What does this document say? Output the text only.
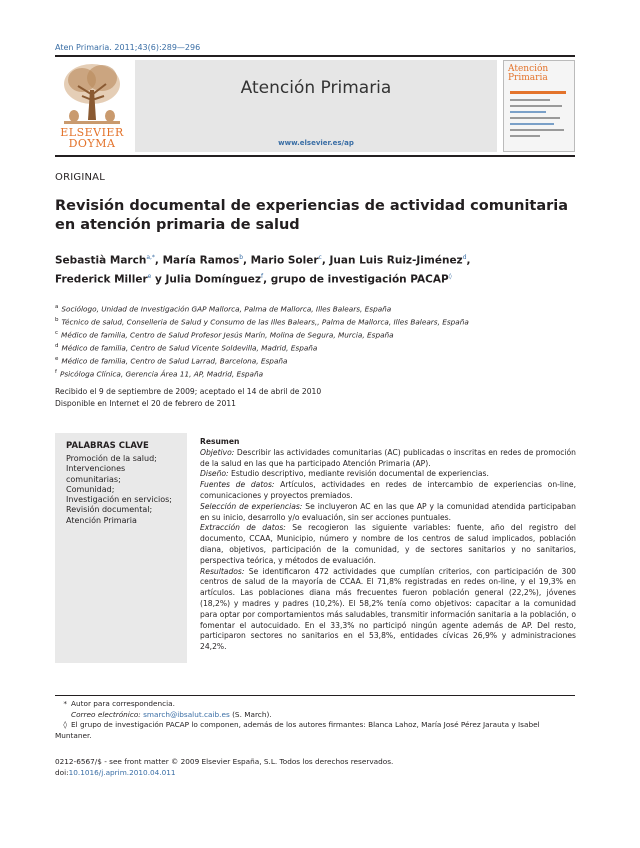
Aten Primaria. 2011;43(6):289—296
ELSEVIER
DOYMA
Atención Primaria
www.elsevier.es/ap
Atención
Primaria
ORIGINAL
Revisión documental de experiencias de actividad comunitaria en atención primaria de salud
Sebastià March$^{a,*}$, María Ramos$^b$, Mario Soler$^c$, Juan Luis Ruiz-Jiménez$^d$,
Frederick Miller$^e$ y Julia Domínguez$^f$, grupo de investigación PACAP◊
$^a$ Sociólogo, Unidad de Investigación GAP Mallorca, Palma de Mallorca, Illes Balears, España
$^b$ Técnico de salud, Conselleria de Salud y Consumo de las Illes Balears,, Palma de Mallorca, Illes Balears, España
$^c$ Médico de familia, Centro de Salud Profesor Jesús Marín, Molina de Segura, Murcia, España
$^d$ Médico de familia, Centro de Salud Vicente Soldevilla, Madrid, España
$^e$ Médico de familia, Centro de Salud Larrad, Barcelona, España
$^f$ Psicóloga Clínica, Gerencia Área 11, AP, Madrid, España
Recibido el 9 de septiembre de 2009; aceptado el 14 de abril de 2010
Disponible en Internet el 20 de febrero de 2011
PALABRAS CLAVE
Promoción de la salud;
Intervenciones comunitarias;
Comunidad;
Investigación en servicios;
Revisión documental;
Atención Primaria
Resumen
Objetivo: Describir las actividades comunitarias (AC) publicadas o inscritas en redes de promoción de la salud en las que ha participado Atención Primaria (AP).
Diseño: Estudio descriptivo, mediante revisión documental de experiencias.
Fuentes de datos: Artículos, actividades en redes de intercambio de experiencias on-line, comunicaciones y proyectos premiados.
Selección de experiencias: Se incluyeron AC en las que AP y la comunidad atendida participaban en su inicio, desarrollo y/o evaluación, sin ser acciones puntuales.
Extracción de datos: Se recogieron las siguiente variables: fuente, año del registro del documento, CCAA, Municipio, número y nombre de los centros de salud implicados, población diana, objetivos, participación de la comunidad, y de sectores sanitarios y no sanitarios, perspectiva teórica, y métodos de evaluación.
Resultados: Se identificaron 472 actividades que cumplían criterios, con participación de 300 centros de salud de la mayoría de CCAA. El 71,8% registradas en redes on-line, y el 19,3% en artículos. Las poblaciones diana más frecuentes fueron población general (22,2%), jóvenes (18,2%) y madres y padres (10,2%). El 58,2% tenía como objetivos: capacitar a la comunidad para optar por comportamientos más saludables, transmitir información sanitaria a la población, o fomentar el autocuidado. En el 33,3% no participó ningún agente además de AP. Del resto, participaron sectores no sanitarios en el 53,8%, entidades cívicas 26,9% y administraciones 24,2%.
* Autor para correspondencia.
Correo electrónico: smarch@ibsalut.caib.es (S. March).
◊ El grupo de investigación PACAP lo componen, además de los autores firmantes: Blanca Lahoz, María José Pérez Jarauta y Isabel Muntaner.
0212-6567/$ - see front matter © 2009 Elsevier España, S.L. Todos los derechos reservados.
doi:10.1016/j.aprim.2010.04.011
